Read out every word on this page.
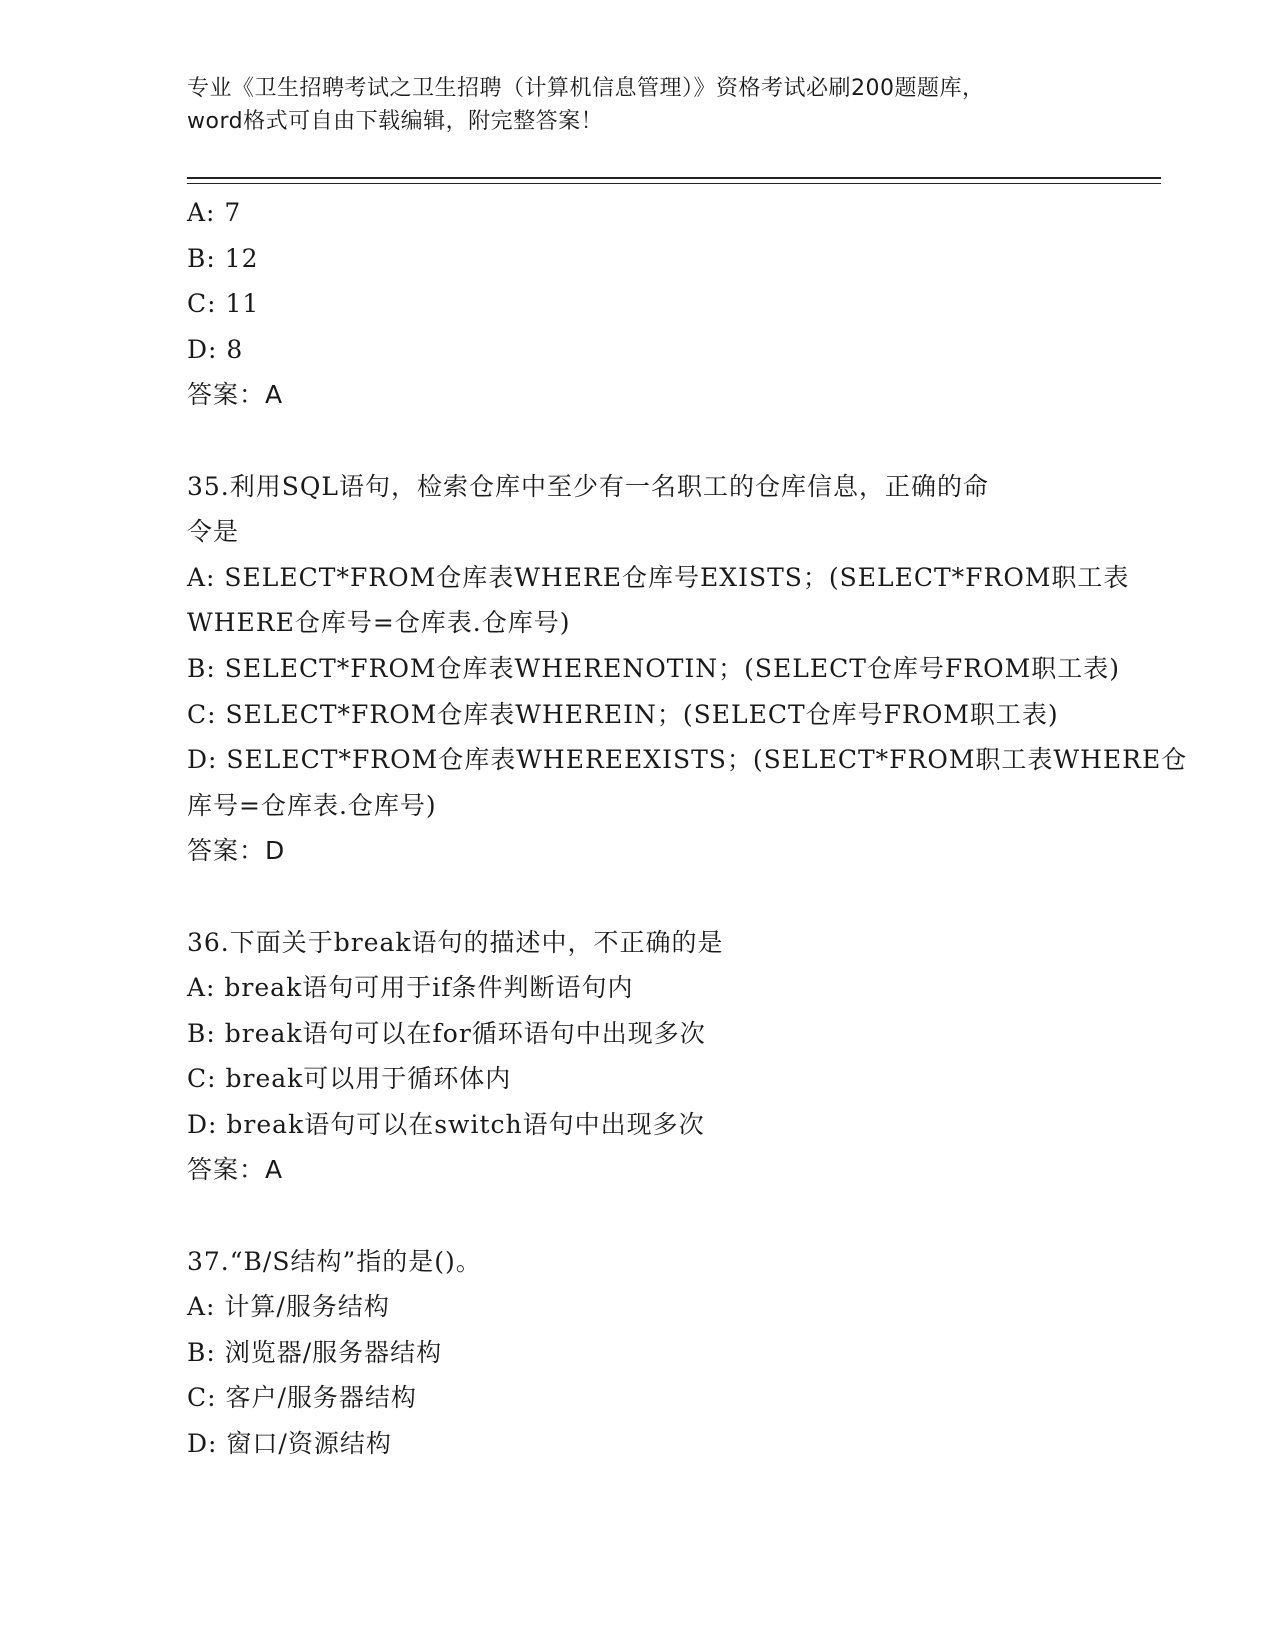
专业《卫生招聘考试之卫生招聘（计算机信息管理）》资格考试必刷200题题库，
word格式可自由下载编辑，附完整答案！
A: 7
B: 12
C: 11
D: 8
答案：A
35.利用SQL语句，检索仓库中至少有一名职工的仓库信息，正确的命
令是
A: SELECT*FROM仓库表WHERE仓库号EXISTS；(SELECT*FROM职工表
WHERE仓库号=仓库表.仓库号)
B: SELECT*FROM仓库表WHERENOTIN；(SELECT仓库号FROM职工表)
C: SELECT*FROM仓库表WHEREIN；(SELECT仓库号FROM职工表)
D: SELECT*FROM仓库表WHEREEXISTS；(SELECT*FROM职工表WHERE仓
库号=仓库表.仓库号)
答案：D
36.下面关于break语句的描述中，不正确的是
A: break语句可用于if条件判断语句内
B: break语句可以在for循环语句中出现多次
C: break可以用于循环体内
D: break语句可以在switch语句中出现多次
答案：A
37.“B/S结构”指的是()。
A: 计算/服务结构
B: 浏览器/服务器结构
C: 客户/服务器结构
D: 窗口/资源结构
